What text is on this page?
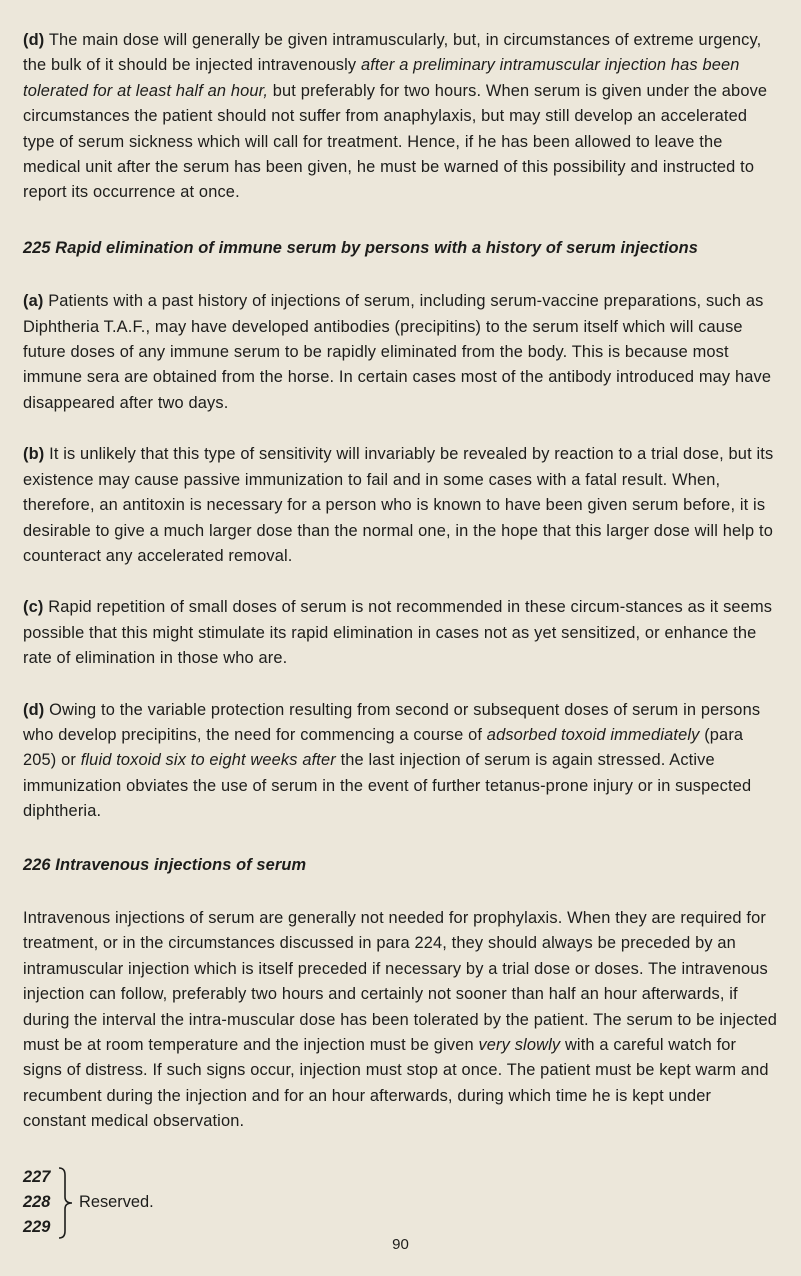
(d) The main dose will generally be given intramuscularly, but, in circumstances of extreme urgency, the bulk of it should be injected intravenously after a preliminary intramuscular injection has been tolerated for at least half an hour, but preferably for two hours. When serum is given under the above circumstances the patient should not suffer from anaphylaxis, but may still develop an accelerated type of serum sickness which will call for treatment. Hence, if he has been allowed to leave the medical unit after the serum has been given, he must be warned of this possibility and instructed to report its occurrence at once.

225 Rapid elimination of immune serum by persons with a history of serum injections

(a) Patients with a past history of injections of serum, including serum-vaccine preparations, such as Diphtheria T.A.F., may have developed antibodies (precipitins) to the serum itself which will cause future doses of any immune serum to be rapidly eliminated from the body. This is because most immune sera are obtained from the horse. In certain cases most of the antibody introduced may have disappeared after two days.

(b) It is unlikely that this type of sensitivity will invariably be revealed by reaction to a trial dose, but its existence may cause passive immunization to fail and in some cases with a fatal result. When, therefore, an antitoxin is necessary for a person who is known to have been given serum before, it is desirable to give a much larger dose than the normal one, in the hope that this larger dose will help to counteract any accelerated removal.

(c) Rapid repetition of small doses of serum is not recommended in these circum-stances as it seems possible that this might stimulate its rapid elimination in cases not as yet sensitized, or enhance the rate of elimination in those who are.

(d) Owing to the variable protection resulting from second or subsequent doses of serum in persons who develop precipitins, the need for commencing a course of adsorbed toxoid immediately (para 205) or fluid toxoid six to eight weeks after the last injection of serum is again stressed. Active immunization obviates the use of serum in the event of further tetanus-prone injury or in suspected diphtheria.

226 Intravenous injections of serum

Intravenous injections of serum are generally not needed for prophylaxis. When they are required for treatment, or in the circumstances discussed in para 224, they should always be preceded by an intramuscular injection which is itself preceded if necessary by a trial dose or doses. The intravenous injection can follow, preferably two hours and certainly not sooner than half an hour afterwards, if during the interval the intra-muscular dose has been tolerated by the patient. The serum to be injected must be at room temperature and the injection must be given very slowly with a careful watch for signs of distress. If such signs occur, injection must stop at once. The patient must be kept warm and recumbent during the injection and for an hour afterwards, during which time he is kept under constant medical observation.

227
228
229
Reserved.
90
